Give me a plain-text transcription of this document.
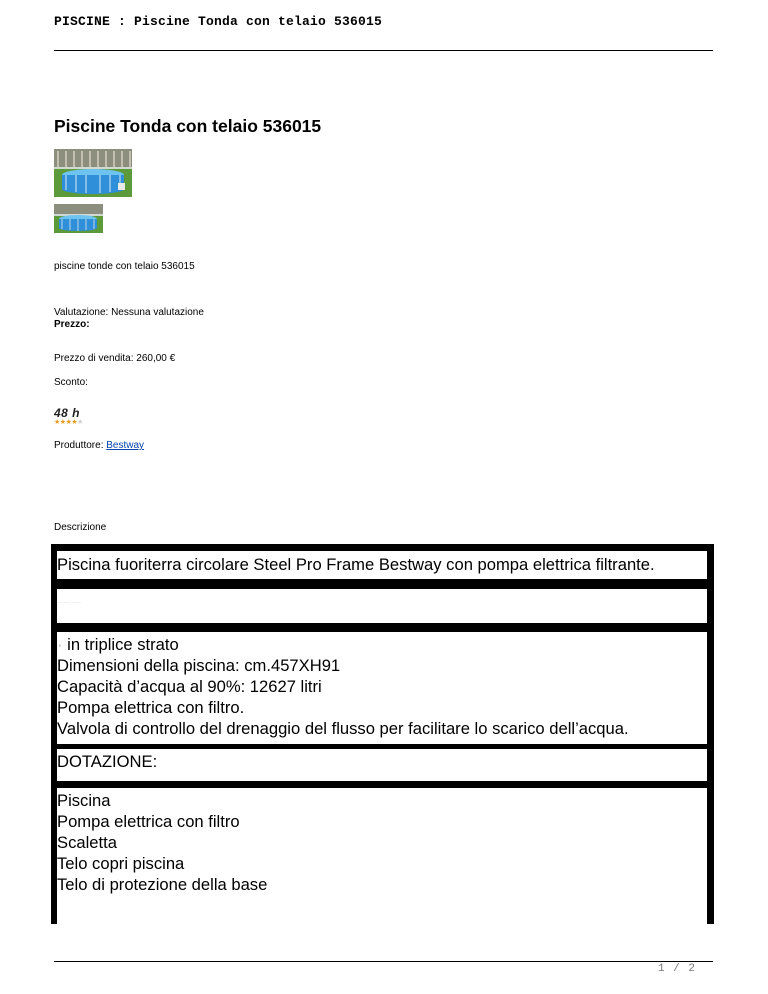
PISCINE : Piscine Tonda con telaio 536015
Piscine Tonda con telaio 536015
piscine tonde con telaio 536015
Valutazione: Nessuna valutazione
Prezzo:
Prezzo di vendita: 260,00 €
Sconto:
48 h
★★★★★
Produttore: Bestway
Descrizione
Piscina fuoriterra circolare Steel Pro Frame Bestway con pompa elettrica filtrante.
........ ......
· in triplice strato
Dimensioni della piscina: cm.457XH91
Capacità d’acqua al 90%: 12627 litri
Pompa elettrica con filtro.
Valvola di controllo del drenaggio del flusso per facilitare lo scarico dell’acqua.
DOTAZIONE:
Piscina
Pompa elettrica con filtro
Scaletta
Telo copri piscina
Telo di protezione della base
1 / 2
